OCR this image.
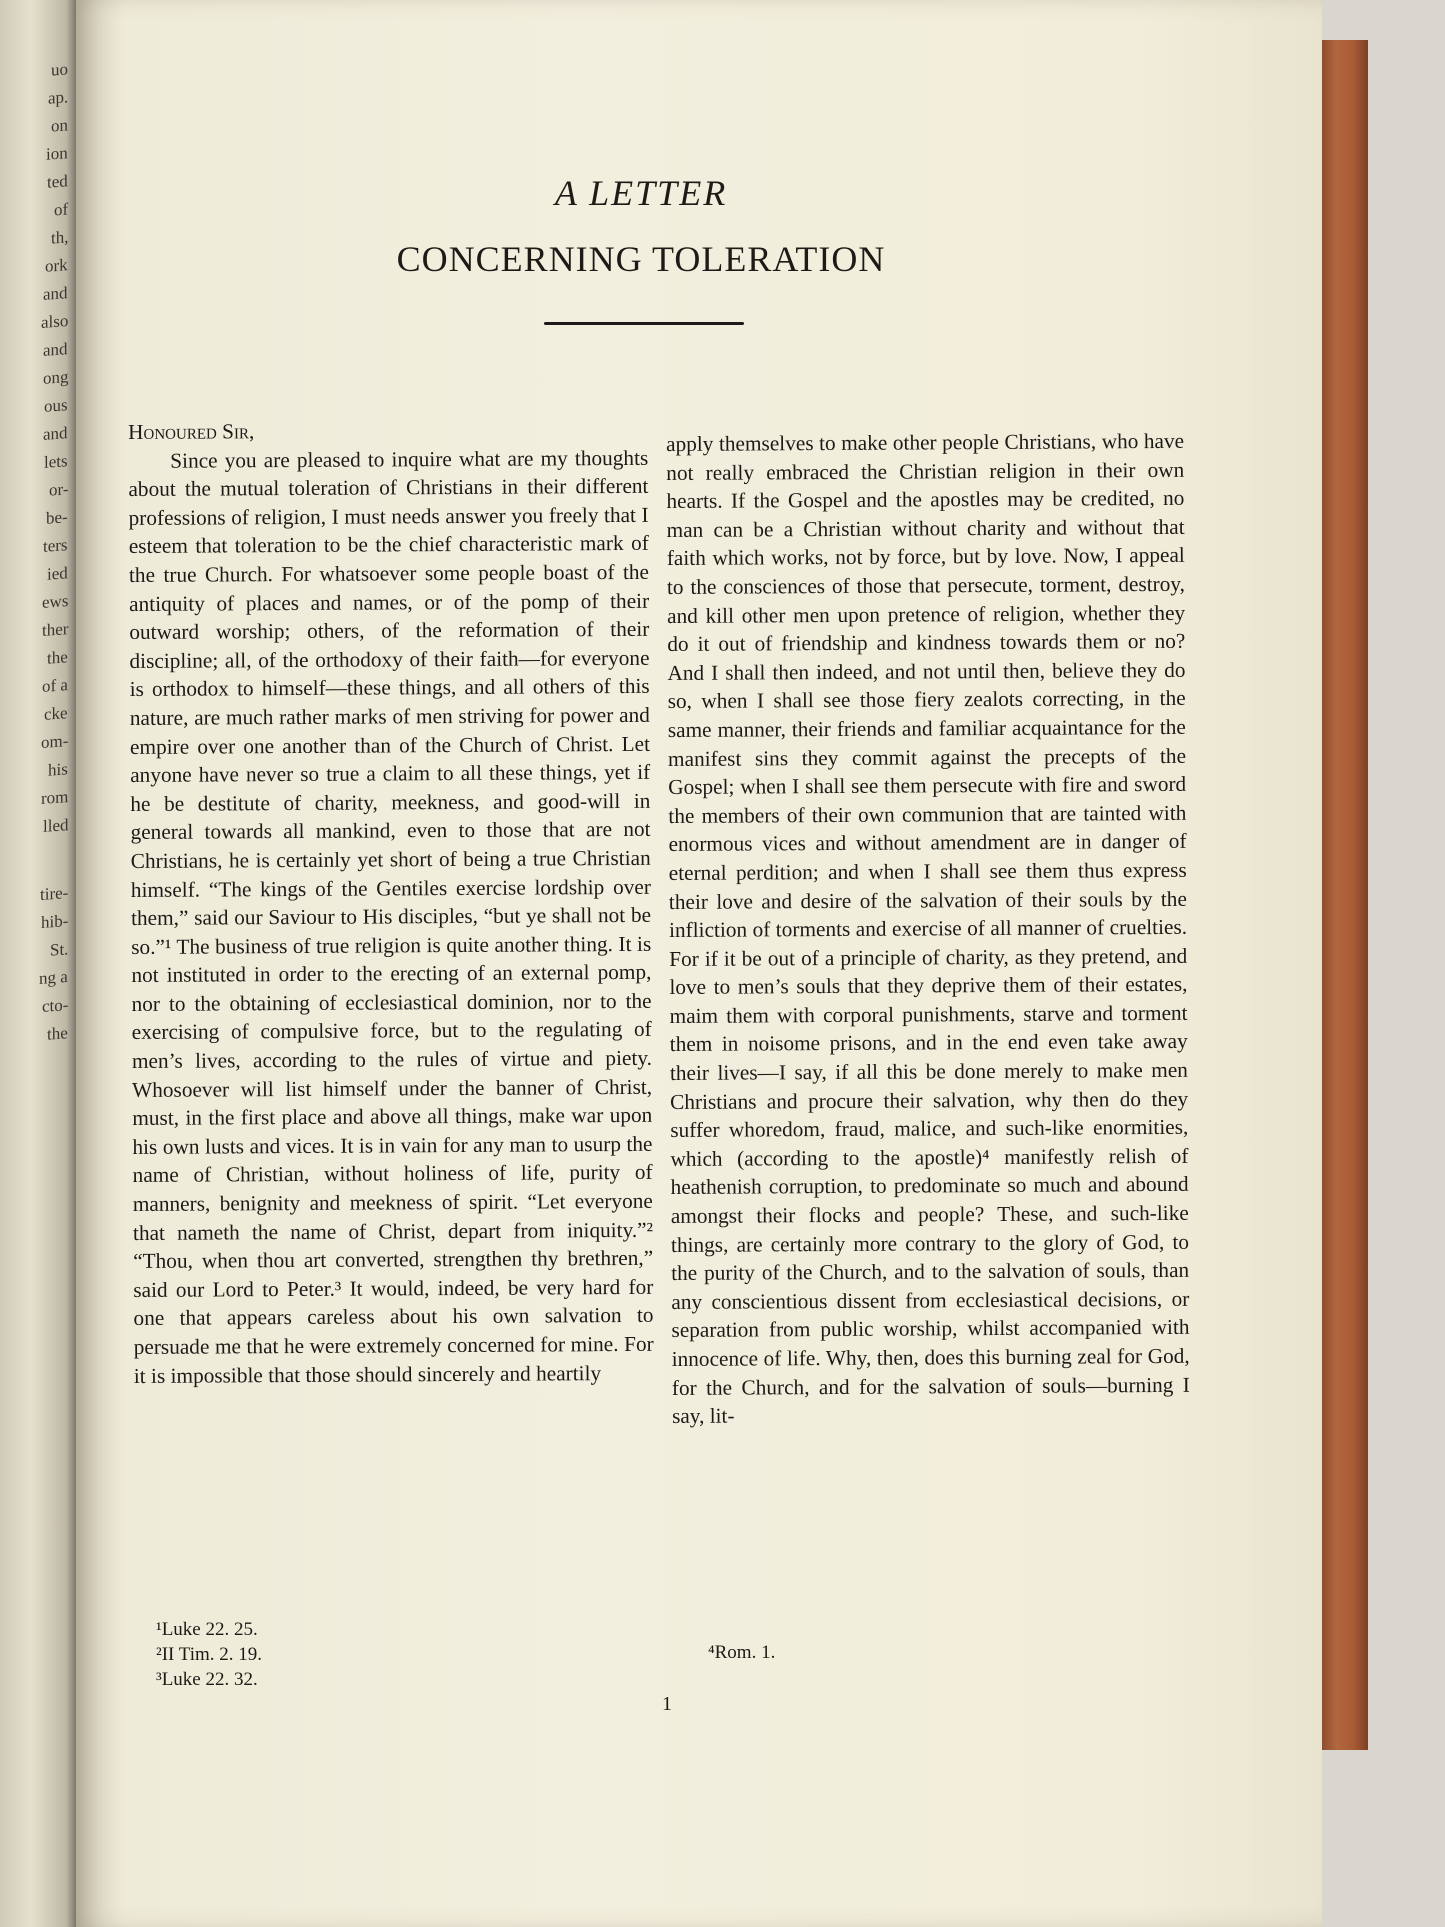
uo
ap.
on
ion
ted
of
th,
ork
and
also
and
ong
ous
and
lets
or-
be-
ters
ied
ews
ther
the
of a
cke
om-
his
rom
lled
tire-
hib-
St.
ng a
cto-
the
A LETTER
CONCERNING TOLERATION
Honoured Sir,

Since you are pleased to inquire what are my thoughts about the mutual toleration of Christians in their different professions of religion, I must needs answer you freely that I esteem that toleration to be the chief characteristic mark of the true Church. For whatsoever some people boast of the antiquity of places and names, or of the pomp of their outward worship; others, of the reformation of their discipline; all, of the orthodoxy of their faith—for everyone is orthodox to himself—these things, and all others of this nature, are much rather marks of men striving for power and empire over one another than of the Church of Christ. Let anyone have never so true a claim to all these things, yet if he be destitute of charity, meekness, and good-will in general towards all mankind, even to those that are not Christians, he is certainly yet short of being a true Christian himself. “The kings of the Gentiles exercise lordship over them,” said our Saviour to His disciples, “but ye shall not be so.”¹ The business of true religion is quite another thing. It is not instituted in order to the erecting of an external pomp, nor to the obtaining of ecclesiastical dominion, nor to the exercising of compulsive force, but to the regulating of men’s lives, according to the rules of virtue and piety. Whosoever will list himself under the banner of Christ, must, in the first place and above all things, make war upon his own lusts and vices. It is in vain for any man to usurp the name of Christian, without holiness of life, purity of manners, benignity and meekness of spirit. “Let everyone that nameth the name of Christ, depart from iniquity.”² “Thou, when thou art converted, strengthen thy brethren,” said our Lord to Peter.³ It would, indeed, be very hard for one that appears careless about his own salvation to persuade me that he were extremely concerned for mine. For it is impossible that those should sincerely and heartily

apply themselves to make other people Christians, who have not really embraced the Christian religion in their own hearts. If the Gospel and the apostles may be credited, no man can be a Christian without charity and without that faith which works, not by force, but by love. Now, I appeal to the consciences of those that persecute, torment, destroy, and kill other men upon pretence of religion, whether they do it out of friendship and kindness towards them or no? And I shall then indeed, and not until then, believe they do so, when I shall see those fiery zealots correcting, in the same manner, their friends and familiar acquaintance for the manifest sins they commit against the precepts of the Gospel; when I shall see them persecute with fire and sword the members of their own communion that are tainted with enormous vices and without amendment are in danger of eternal perdition; and when I shall see them thus express their love and desire of the salvation of their souls by the infliction of torments and exercise of all manner of cruelties. For if it be out of a principle of charity, as they pretend, and love to men’s souls that they deprive them of their estates, maim them with corporal punishments, starve and torment them in noisome prisons, and in the end even take away their lives—I say, if all this be done merely to make men Christians and procure their salvation, why then do they suffer whoredom, fraud, malice, and such-like enormities, which (according to the apostle)⁴ manifestly relish of heathenish corruption, to predominate so much and abound amongst their flocks and people? These, and such-like things, are certainly more contrary to the glory of God, to the purity of the Church, and to the salvation of souls, than any conscientious dissent from ecclesiastical decisions, or separation from public worship, whilst accompanied with innocence of life. Why, then, does this burning zeal for God, for the Church, and for the salvation of souls—burning I say, lit-

¹Luke 22. 25.
²II Tim. 2. 19.
³Luke 22. 32.
⁴Rom. 1.
1
